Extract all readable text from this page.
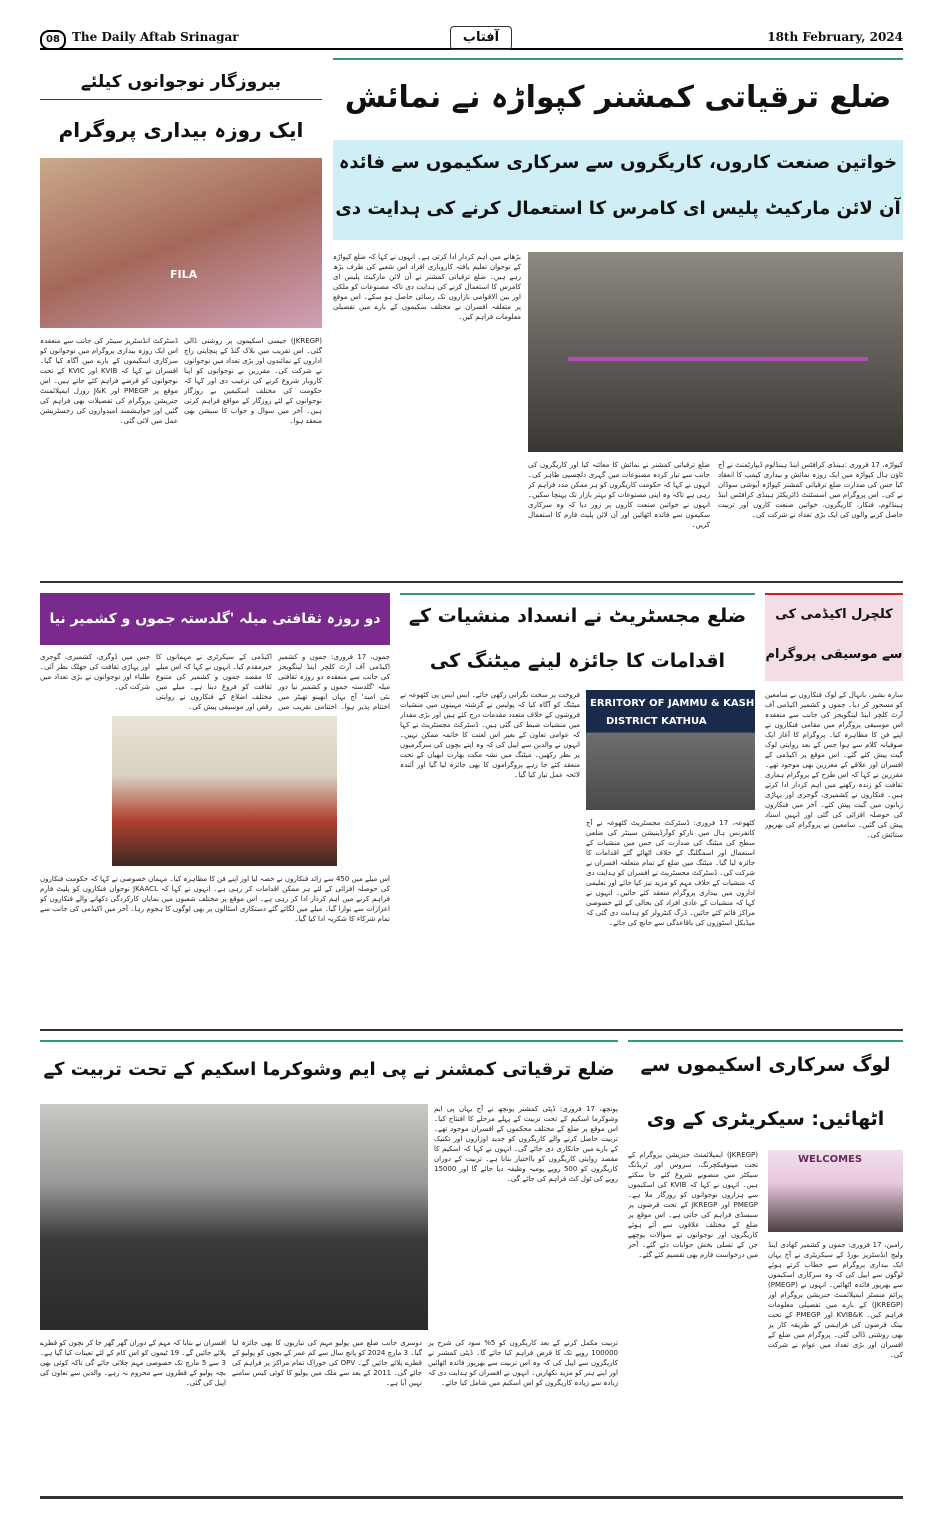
08	The Daily Aftab Srinagar	آفتاب	18th February, 2024
ضلع ترقیاتی کمشنر کپواڑہ نے نمائش
خواتین صنعت کاروں، کاریگروں سے سرکاری سکیموں سے فائدہ
آن لائن مارکیٹ پلیس ای کامرس کا استعمال کرنے کی ہدایت دی
بڑھانے میں اہم کردار ادا کرتی ہے۔ انہوں نے کہا کہ ضلع کپواڑہ کے نوجوان تعلیم یافتہ کاروباری افراد اس شعبے کی طرف بڑھ رہے ہیں۔ ضلع ترقیاتی کمشنر نے آن لائن مارکیٹ پلیس ای کامرس کا استعمال کرنے کی ہدایت دی تاکہ مصنوعات کو ملکی اور بین الاقوامی بازاروں تک رسائی حاصل ہو سکے۔ اس موقع پر متعلقہ افسران نے مختلف سکیموں کے بارے میں تفصیلی معلومات فراہم کیں۔
ضلع ترقیاتی کمشنر نے نمائش کا معائنہ کیا اور کاریگروں کی جانب سے تیار کردہ مصنوعات میں گہری دلچسپی ظاہر کی۔ انہوں نے کہا کہ حکومت کاریگروں کو ہر ممکن مدد فراہم کر رہی ہے تاکہ وہ اپنی مصنوعات کو بہتر بازار تک پہنچا سکیں۔ انہوں نے خواتین صنعت کاروں پر زور دیا کہ وہ سرکاری سکیموں سے فائدہ اٹھائیں اور آن لائن پلیٹ فارم کا استعمال کریں۔
کپواڑہ، 17 فروری :ہینڈی کرافٹس اینڈ ہینڈلوم ڈیپارٹمنٹ نے آج ٹاؤن ہال کپواڑہ میں ایک روزہ نمائش و بیداری کیمپ کا انعقاد کیا جس کی صدارت ضلع ترقیاتی کمشنر کپواڑہ آیوشی سوڈان نے کی۔ اس پروگرام میں اسسٹنٹ ڈائریکٹر ہینڈی کرافٹس اینڈ ہینڈلوم، فنکار، کاریگروں، خواتین صنعت کاروں اور تربیت حاصل کرنے والوں کی ایک بڑی تعداد نے شرکت کی۔
بیروزگار نوجوانوں کیلئے
ایک روزہ بیداری پروگرام
FILA
ڈسٹرکٹ انڈسٹریز سینٹر کی جانب سے منعقدہ اس ایک روزہ بیداری پروگرام میں نوجوانوں کو سرکاری اسکیموں کے بارے میں آگاہ کیا گیا۔ افسران نے کہا کہ KVIB اور KVIC کے تحت نوجوانوں کو قرضے فراہم کئے جاتے ہیں۔ اس موقع پر PMEGP اور J&K رورل ایمپلائمنٹ جنریشن پروگرام کی تفصیلات بھی فراہم کی گئیں اور خواہشمند امیدواروں کی رجسٹریشن عمل میں لائی گئی۔
(JKREGP) جیسی اسکیموں پر روشنی ڈالی گئی۔ اس تقریب میں بلاک گنڈ کے پنچایتی راج اداروں کے نمائندوں اور بڑی تعداد میں نوجوانوں نے شرکت کی۔ مقررین نے نوجوانوں کو اپنا کاروبار شروع کرنے کی ترغیب دی اور کہا کہ حکومت کی مختلف اسکیمیں بے روزگار نوجوانوں کے لئے روزگار کے مواقع فراہم کرتی ہیں۔ آخر میں سوال و جواب کا سیشن بھی منعقد ہوا۔
کلچرل اکیڈمی کی
سے موسیقی پروگرام
سارہ بشیر، بانہال کے لوک فنکاروں نے سامعین کو مسحور کر دیا۔ جموں و کشمیر اکیڈمی آف آرٹ کلچر اینڈ لینگویجز کی جانب سے منعقدہ اس موسیقی پروگرام میں مقامی فنکاروں نے اپنے فن کا مظاہرہ کیا۔ پروگرام کا آغاز ایک صوفیانہ کلام سے ہوا جس کے بعد روایتی لوک گیت پیش کئے گئے۔ اس موقع پر اکیڈمی کے افسران اور علاقے کے معززین بھی موجود تھے۔ مقررین نے کہا کہ اس طرح کے پروگرام ہماری ثقافت کو زندہ رکھنے میں اہم کردار ادا کرتے ہیں۔ فنکاروں نے کشمیری، گوجری اور پہاڑی زبانوں میں گیت پیش کئے۔ آخر میں فنکاروں کی حوصلہ افزائی کی گئی اور انہیں اسناد پیش کی گئیں۔ سامعین نے پروگرام کی بھرپور ستائش کی۔
ضلع مجسٹریٹ نے انسداد منشیات کے
اقدامات کا جائزہ لینے میٹنگ کی
فروخت پر سخت نگرانی رکھی جائے۔ ایس ایس پی کٹھوعہ نے میٹنگ کو آگاہ کیا کہ پولیس نے گزشتہ مہینوں میں منشیات فروشوں کے خلاف متعدد مقدمات درج کئے ہیں اور بڑی مقدار میں منشیات ضبط کی گئی ہیں۔ ڈسٹرکٹ مجسٹریٹ نے کہا کہ عوامی تعاون کے بغیر اس لعنت کا خاتمہ ممکن نہیں۔ انہوں نے والدین سے اپیل کی کہ وہ اپنے بچوں کی سرگرمیوں پر نظر رکھیں۔ میٹنگ میں نشہ مکت بھارت ابھیان کے تحت منعقد کئے جا رہے پروگراموں کا بھی جائزہ لیا گیا اور آئندہ لائحہ عمل تیار کیا گیا۔
ERRITORY OF JAMMU & KASH
DISTRICT KATHUA
کٹھوعہ، 17 فروری: ڈسٹرکٹ مجسٹریٹ کٹھوعہ نے آج کانفرنس ہال میں نارکو کوآرڈینیشن سینٹر کی ضلعی سطح کی میٹنگ کی صدارت کی جس میں منشیات کے استعمال اور اسمگلنگ کے خلاف اٹھائے گئے اقدامات کا جائزہ لیا گیا۔ میٹنگ میں ضلع کے تمام متعلقہ افسران نے شرکت کی۔ ڈسٹرکٹ مجسٹریٹ نے افسران کو ہدایت دی کہ منشیات کے خلاف مہم کو مزید تیز کیا جائے اور تعلیمی اداروں میں بیداری پروگرام منعقد کئے جائیں۔ انہوں نے کہا کہ منشیات کے عادی افراد کی بحالی کے لئے خصوصی مراکز قائم کئے جائیں۔ ڈرگ کنٹرولر کو ہدایت دی گئی کہ میڈیکل اسٹوروں کی باقاعدگی سے جانچ کی جائے۔
دو روزہ ثقافتی میلہ 'گلدستہ جموں و کشمیر نیا
جس میں ڈوگری، کشمیری، گوجری اور پہاڑی ثقافت کی جھلک نظر آئی۔ طلباء اور نوجوانوں نے بڑی تعداد میں شرکت کی۔
اکیڈمی کے سیکرٹری نے مہمانوں کا خیرمقدم کیا۔ انہوں نے کہا کہ اس میلے کا مقصد جموں و کشمیر کی متنوع ثقافت کو فروغ دینا ہے۔ میلے میں مختلف اضلاع کے فنکاروں نے روایتی رقص اور موسیقی پیش کی۔
جموں، 17 فروری: جموں و کشمیر اکیڈمی آف آرٹ کلچر اینڈ لینگویجز کی جانب سے منعقدہ دو روزہ ثقافتی میلہ 'گلدستہ جموں و کشمیر نیا دور نئی امید' آج یہاں ابھینو تھیٹر میں اختتام پذیر ہوا۔ اختتامی تقریب میں
اس میلے میں 450 سے زائد فنکاروں نے حصہ لیا اور اپنے فن کا مظاہرہ کیا۔ مہمان خصوصی نے کہا کہ حکومت فنکاروں کی حوصلہ افزائی کے لئے ہر ممکن اقدامات کر رہی ہے۔ انہوں نے کہا کہ JKAACL نوجوان فنکاروں کو پلیٹ فارم فراہم کرنے میں اہم کردار ادا کر رہی ہے۔ اس موقع پر مختلف شعبوں میں نمایاں کارکردگی دکھانے والے فنکاروں کو اعزازات سے نوازا گیا۔ میلے میں لگائے گئے دستکاری اسٹالوں پر بھی لوگوں کا ہجوم رہا۔ آخر میں اکیڈمی کی جانب سے تمام شرکاء کا شکریہ ادا کیا گیا۔
لوگ سرکاری اسکیموں سے
اٹھائیں: سیکریٹری کے وی
(JKREGP) ایمپلائمنٹ جنریشن پروگرام کے تحت مینوفیکچرنگ، سروس اور ٹریڈنگ سیکٹر میں منصوبے شروع کئے جا سکتے ہیں۔ انہوں نے کہا کہ KVIB کی اسکیموں سے ہزاروں نوجوانوں کو روزگار ملا ہے۔ PMEGP اور JKREGP کے تحت قرضوں پر سبسڈی فراہم کی جاتی ہے۔ اس موقع پر ضلع کے مختلف علاقوں سے آئے ہوئے کاریگروں اور نوجوانوں نے سوالات پوچھے جن کے تسلی بخش جوابات دئے گئے۔ آخر میں درخواست فارم بھی تقسیم کئے گئے۔
WELCOMES
رامبن، 17 فروری: جموں و کشمیر کھادی اینڈ ولیج انڈسٹریز بورڈ کے سیکریٹری نے آج یہاں ایک بیداری پروگرام سے خطاب کرتے ہوئے لوگوں سے اپیل کی کہ وہ سرکاری اسکیموں سے بھرپور فائدہ اٹھائیں۔ انہوں نے (PMEGP) پرائم منسٹر ایمپلائمنٹ جنریشن پروگرام اور (JKREGP) کے بارے میں تفصیلی معلومات فراہم کیں۔ KVIB&K اور PMEGP کے تحت بینک قرضوں کی فراہمی کے طریقہ کار پر بھی روشنی ڈالی گئی۔ پروگرام میں ضلع کے افسران اور بڑی تعداد میں عوام نے شرکت کی۔
ضلع ترقیاتی کمشنر نے پی ایم وشوکرما اسکیم کے تحت تربیت کے
پونچھ، 17 فروری: ڈپٹی کمشنر پونچھ نے آج یہاں پی ایم وشوکرما اسکیم کے تحت تربیت کے پہلے مرحلے کا افتتاح کیا۔ اس موقع پر ضلع کے مختلف محکموں کے افسران موجود تھے۔ تربیت حاصل کرنے والے کاریگروں کو جدید اوزاروں اور تکنیک کے بارے میں جانکاری دی جائے گی۔ انہوں نے کہا کہ اسکیم کا مقصد روایتی کاریگروں کو بااختیار بنانا ہے۔ تربیت کے دوران کاریگروں کو 500 روپے یومیہ وظیفہ دیا جائے گا اور 15000 روپے کی ٹول کٹ فراہم کی جائے گی۔
افسران نے بتایا کہ مہم کے دوران گھر گھر جا کر بچوں کو قطرے پلائے جائیں گے۔ 19 ٹیموں کو اس کام کے لئے تعینات کیا گیا ہے۔ 3 سے 5 مارچ تک خصوصی مہم چلائی جائے گی تاکہ کوئی بھی بچہ پولیو کے قطروں سے محروم نہ رہے۔ والدین سے تعاون کی اپیل کی گئی۔
دوسری جانب ضلع میں پولیو مہم کی تیاریوں کا بھی جائزہ لیا گیا۔ 3 مارچ 2024 کو پانچ سال سے کم عمر کے بچوں کو پولیو کے قطرے پلائے جائیں گے۔ OPV کی خوراک تمام مراکز پر فراہم کی جائے گی۔ 2011 کے بعد سے ملک میں پولیو کا کوئی کیس سامنے نہیں آیا ہے۔
تربیت مکمل کرنے کے بعد کاریگروں کو 5% سود کی شرح پر 100000 روپے تک کا قرض فراہم کیا جائے گا۔ ڈپٹی کمشنر نے کاریگروں سے اپیل کی کہ وہ اس تربیت سے بھرپور فائدہ اٹھائیں اور اپنے ہنر کو مزید نکھاریں۔ انہوں نے افسران کو ہدایت دی کہ زیادہ سے زیادہ کاریگروں کو اس اسکیم میں شامل کیا جائے۔
